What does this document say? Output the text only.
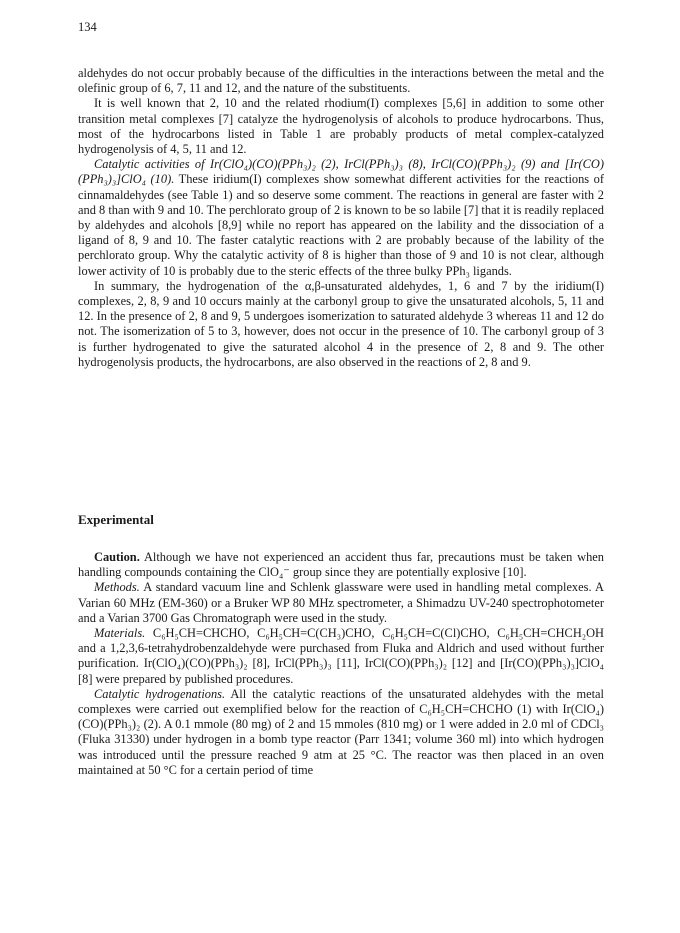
134

aldehydes do not occur probably because of the difficulties in the interactions between the metal and the olefinic group of 6, 7, 11 and 12, and the nature of the substituents.

It is well known that 2, 10 and the related rhodium(I) complexes [5,6] in addition to some other transition metal complexes [7] catalyze the hydrogenolysis of alcohols to produce hydrocarbons. Thus, most of the hydrocarbons listed in Table 1 are probably products of metal complex-catalyzed hydrogenolysis of 4, 5, 11 and 12.

Catalytic activities of Ir(ClO₄)(CO)(PPh₃)₂ (2), IrCl(PPh₃)₃ (8), IrCl(CO)(PPh₃)₂ (9) and [Ir(CO)(PPh₃)₃]ClO₄ (10). These iridium(I) complexes show somewhat different activities for the reactions of cinnamaldehydes (see Table 1) and so deserve some comment. The reactions in general are faster with 2 and 8 than with 9 and 10. The perchlorato group of 2 is known to be so labile [7] that it is readily replaced by aldehydes and alcohols [8,9] while no report has appeared on the lability and the dissociation of a ligand of 8, 9 and 10. The faster catalytic reactions with 2 are probably because of the lability of the perchlorato group. Why the catalytic activity of 8 is higher than those of 9 and 10 is not clear, although lower activity of 10 is probably due to the steric effects of the three bulky PPh₃ ligands.

In summary, the hydrogenation of the α,β-unsaturated aldehydes, 1, 6 and 7 by the iridium(I) complexes, 2, 8, 9 and 10 occurs mainly at the carbonyl group to give the unsaturated alcohols, 5, 11 and 12. In the presence of 2, 8 and 9, 5 undergoes isomerization to saturated aldehyde 3 whereas 11 and 12 do not. The isomerization of 5 to 3, however, does not occur in the presence of 10. The carbonyl group of 3 is further hydrogenated to give the saturated alcohol 4 in the presence of 2, 8 and 9. The other hydrogenolysis products, the hydrocarbons, are also observed in the reactions of 2, 8 and 9.

Experimental

Caution. Although we have not experienced an accident thus far, precautions must be taken when handling compounds containing the ClO₄⁻ group since they are potentially explosive [10].

Methods. A standard vacuum line and Schlenk glassware were used in handling metal complexes. A Varian 60 MHz (EM-360) or a Bruker WP 80 MHz spectrometer, a Shimadzu UV-240 spectrophotometer and a Varian 3700 Gas Chromatograph were used in the study.

Materials. C₆H₅CH=CHCHO, C₆H₅CH=C(CH₃)CHO, C₆H₅CH=C(Cl)CHO, C₆H₅CH=CHCH₂OH and a 1,2,3,6-tetrahydrobenzaldehyde were purchased from Fluka and Aldrich and used without further purification. Ir(ClO₄)(CO)(PPh₃)₂ [8], IrCl(PPh₃)₃ [11], IrCl(CO)(PPh₃)₂ [12] and [Ir(CO)(PPh₃)₃]ClO₄ [8] were prepared by published procedures.

Catalytic hydrogenations. All the catalytic reactions of the unsaturated aldehydes with the metal complexes were carried out exemplified below for the reaction of C₆H₅CH=CHCHO (1) with Ir(ClO₄)(CO)(PPh₃)₂ (2). A 0.1 mmole (80 mg) of 2 and 15 mmoles (810 mg) or 1 were added in 2.0 ml of CDCl₃ (Fluka 31330) under hydrogen in a bomb type reactor (Parr 1341; volume 360 ml) into which hydrogen was introduced until the pressure reached 9 atm at 25 °C. The reactor was then placed in an oven maintained at 50 °C for a certain period of time
